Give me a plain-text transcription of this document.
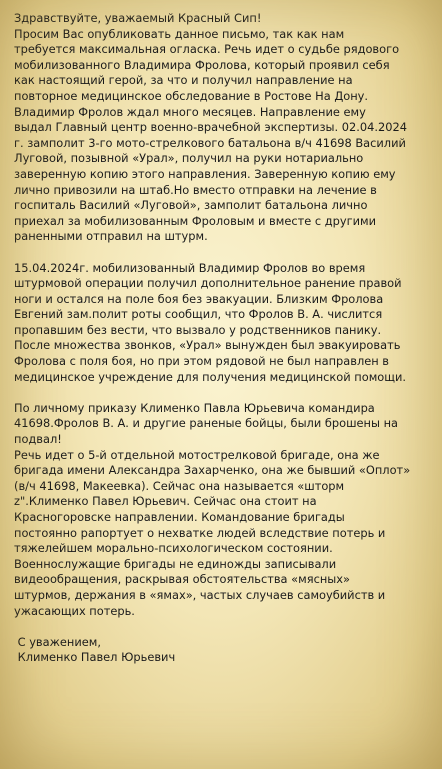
Здравствуйте, уважаемый Красный Сип!
Просим Вас опубликовать данное письмо, так как нам
требуется максимальная огласка. Речь идет о судьбе рядового
мобилизованного Владимира Фролова, который проявил себя
как настоящий герой, за что и получил направление на
повторное медицинское обследование в Ростове На Дону.
Владимир Фролов ждал много месяцев. Направление ему
выдал Главный центр военно-врачебной экспертизы. 02.04.2024
г. замполит 3-го мото-стрелкового батальона в/ч 41698 Василий
Луговой, позывной «Урал», получил на руки нотариально
заверенную копию этого направления. Заверенную копию ему
лично привозили на штаб.Но вместо отправки на лечение в
госпиталь Василий «Луговой», замполит батальона лично
приехал за мобилизованным Фроловым и вместе с другими
раненными отправил на штурм.
15.04.2024г. мобилизованный Владимир Фролов во время
штурмовой операции получил дополнительное ранение правой
ноги и остался на поле боя без эвакуации. Близким Фролова
Евгений зам.полит роты сообщил, что Фролов В. А. числится
пропавшим без вести, что вызвало у родственников панику.
После множества звонков, «Урал» вынужден был эвакуировать
Фролова с поля боя, но при этом рядовой не был направлен в
медицинское учреждение для получения медицинской помощи.
По личному приказу Клименко Павла Юрьевича командира
41698.Фролов В. А. и другие раненые бойцы, были брошены на
подвал!
Речь идет о 5-й отдельной мотострелковой бригаде, она же
бригада имени Александра Захарченко, она же бывший «Оплот»
(в/ч 41698, Макеевка). Сейчас она называется «шторм
z".Клименко Павел Юрьевич. Сейчас она стоит на
Красногоровске направлении. Командование бригады
постоянно рапортует о нехватке людей вследствие потерь и
тяжелейшем морально-психологическом состоянии.
Военнослужащие бригады не единожды записывали
видеообращения, раскрывая обстоятельства «мясных»
штурмов, держания в «ямах», частых случаев самоубийств и
ужасающих потерь.
С уважением,
Клименко Павел Юрьевич
